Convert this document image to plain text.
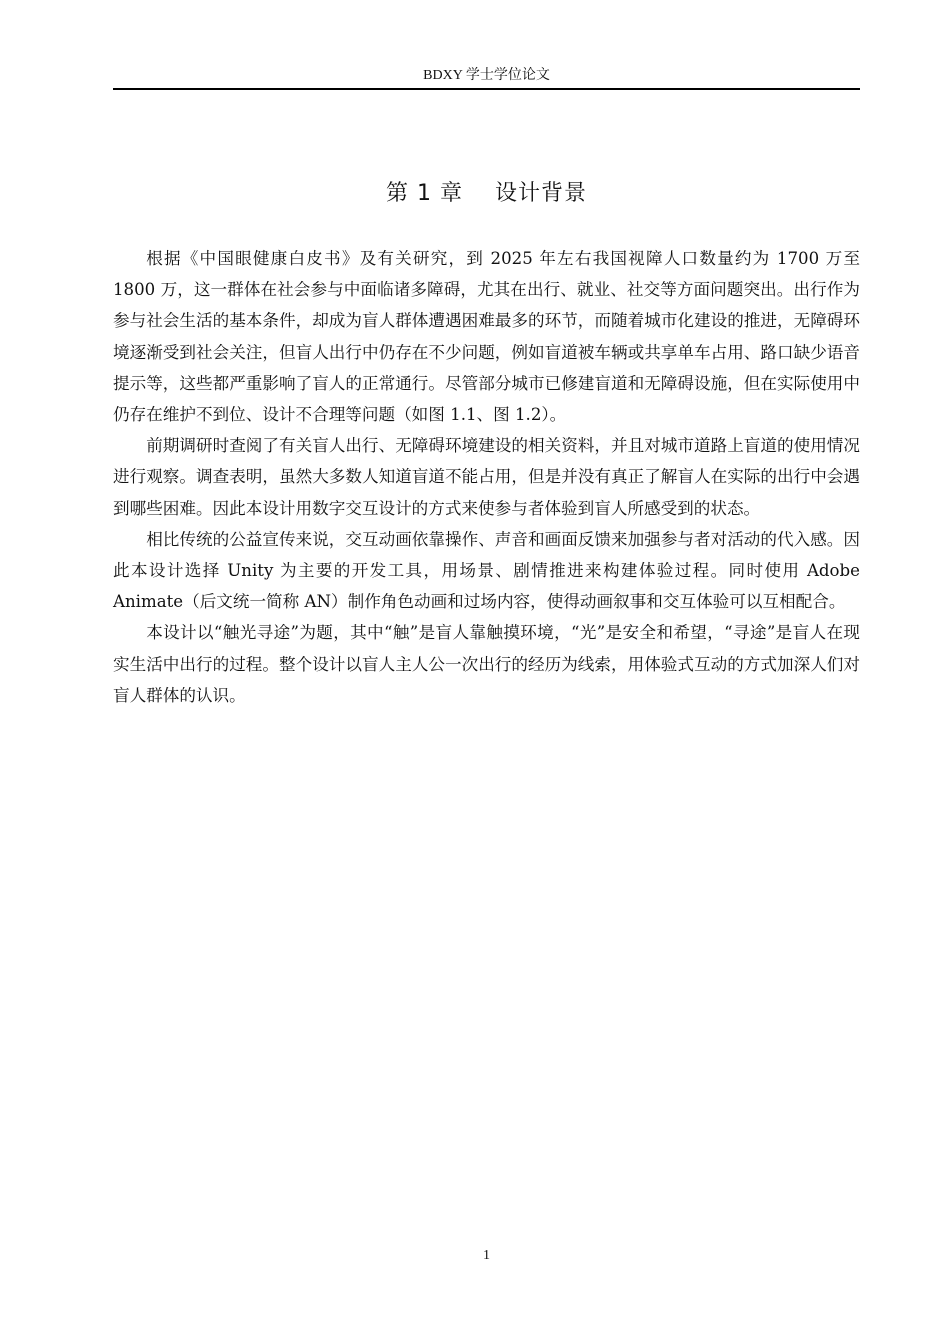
BDXY 学士学位论文
第 1 章    设计背景

根据《中国眼健康白皮书》及有关研究，到 2025 年左右我国视障人口数量约为 1700 万至 1800 万，这一群体在社会参与中面临诸多障碍，尤其在出行、就业、社交等方面问题突出。出行作为参与社会生活的基本条件，却成为盲人群体遭遇困难最多的环节，而随着城市化建设的推进，无障碍环境逐渐受到社会关注，但盲人出行中仍存在不少问题，例如盲道被车辆或共享单车占用、路口缺少语音提示等，这些都严重影响了盲人的正常通行。尽管部分城市已修建盲道和无障碍设施，但在实际使用中仍存在维护不到位、设计不合理等问题（如图 1.1、图 1.2）。

前期调研时查阅了有关盲人出行、无障碍环境建设的相关资料，并且对城市道路上盲道的使用情况进行观察。调查表明，虽然大多数人知道盲道不能占用，但是并没有真正了解盲人在实际的出行中会遇到哪些困难。因此本设计用数字交互设计的方式来使参与者体验到盲人所感受到的状态。

相比传统的公益宣传来说，交互动画依靠操作、声音和画面反馈来加强参与者对活动的代入感。因此本设计选择 Unity 为主要的开发工具，用场景、剧情推进来构建体验过程。同时使用 Adobe Animate（后文统一简称 AN）制作角色动画和过场内容，使得动画叙事和交互体验可以互相配合。

本设计以“触光寻途”为题，其中“触”是盲人靠触摸环境，“光”是安全和希望，“寻途”是盲人在现实生活中出行的过程。整个设计以盲人主人公一次出行的经历为线索，用体验式互动的方式加深人们对盲人群体的认识。

1
